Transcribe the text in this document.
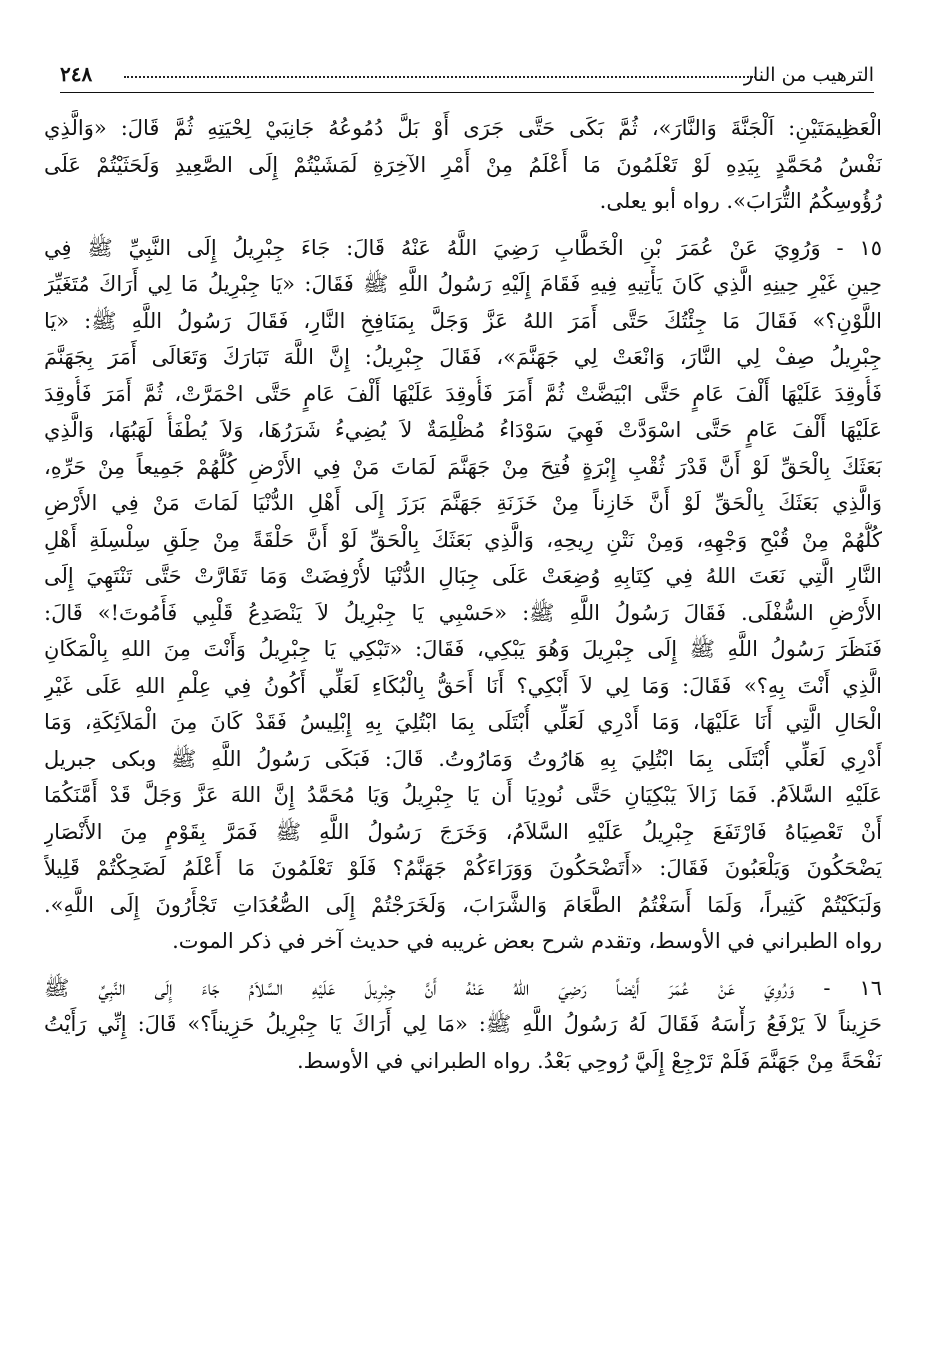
الترهيب من النار
٢٤٨
الْعَظِيمَتَيْنِ: اَلْجَنَّةَ وَالنَّارَ»، ثُمَّ بَكَى حَتَّى جَرَى أَوْ بَلَّ دُمُوعُهُ جَانِبَيْ لِحْيَتِهِ ثُمَّ قَالَ: «وَالَّذِي
نَفْسُ مُحَمَّدٍ بِيَدِهِ لَوْ تَعْلَمُونَ مَا أَعْلَمُ مِنْ أَمْرِ الآخِرَةِ لَمَشَيْتُمْ إِلَى الصَّعِيدِ وَلَحَثَيْتُمْ عَلَى
رُؤُوسِكُمُ التُّرَابَ». رواه أبو يعلى.
١٥ - وَرُوِيَ عَنْ عُمَرَ بْنِ الْخَطَّابِ رَضِيَ اللَّهُ عَنْهُ قَالَ: جَاءَ جِبْرِيلُ إِلَى النَّبِيِّ ﷺ فِي
حِينِ غَيْرِ حِينِهِ الَّذِي كَانَ يَأْتِيهِ فِيهِ فَقَامَ إِلَيْهِ رَسُولُ اللَّهِ ﷺ فَقَالَ: «يَا جِبْرِيلُ مَا لِي أَرَاكَ مُتَغَيِّرَ
اللَّوْنِ؟» فَقَالَ مَا جِئْتُكَ حَتَّى أَمَرَ اللهُ عَزَّ وَجَلَّ بِمَنَافِخِ النَّارِ، فَقَالَ رَسُولُ اللَّهِ ﷺ: «يَا
جِبْرِيلُ صِفْ لِي النَّارَ، وَانْعَتْ لِي جَهَنَّمَ»، فَقَالَ جِبْرِيلُ: إِنَّ اللَّهَ تَبَارَكَ وَتَعَالَى أَمَرَ بِجَهَنَّمَ
فَأُوقِدَ عَلَيْهَا أَلْفَ عَامٍ حَتَّى ابْيَضَّتْ ثُمَّ أَمَرَ فَأُوقِدَ عَلَيْهَا أَلْفَ عَامٍ حَتَّى احْمَرَّتْ، ثُمَّ أَمَرَ فَأُوقِدَ
عَلَيْهَا أَلْفَ عَامٍ حَتَّى اسْوَدَّتْ فَهِيَ سَوْدَاءُ مُظْلِمَةٌ لاَ يُضِيءُ شَرَرُهَا، وَلاَ يُطْفَأُ لَهَبُهَا، وَالَّذِي
بَعَثَكَ بِالْحَقِّ لَوْ أَنَّ قَدْرَ ثُقْبِ إِبْرَةٍ فُتِحَ مِنْ جَهَنَّمَ لَمَاتَ مَنْ فِي الأَرْضِ كُلُّهُمْ جَمِيعاً مِنْ حَرِّهِ،
وَالَّذِي بَعَثَكَ بِالْحَقِّ لَوْ أَنَّ خَازِناً مِنْ خَزَنَةِ جَهَنَّمَ بَرَزَ إِلَى أَهْلِ الدُّنْيَا لَمَاتَ مَنْ فِي الأَرْضِ
كُلُّهُمْ مِنْ قُبْحِ وَجْهِهِ، وَمِنْ نَتْنِ رِيحِهِ، وَالَّذِي بَعَثَكَ بِالْحَقِّ لَوْ أَنَّ حَلْقَةً مِنْ حِلَقِ سِلْسِلَةِ أَهْلِ
النَّارِ الَّتِي نَعَتَ اللهُ فِي كِتَابِهِ وُضِعَتْ عَلَى جِبَالِ الدُّنْيَا لأُرْفِضَتْ وَمَا تَقَارَّتْ حَتَّى تَنْتَهِيَ إِلَى
الأَرْضِ السُّفْلَى. فَقَالَ رَسُولُ اللَّهِ ﷺ: «حَسْبِي يَا جِبْرِيلُ لاَ يَنْصَدِعُ قَلْبِي فَأَمُوتَ!» قَالَ:
فَنَظَرَ رَسُولُ اللَّهِ ﷺ إِلَى جِبْرِيلَ وَهُوَ يَبْكِي، فَقَالَ: «تَبْكِي يَا جِبْرِيلُ وَأَنْتَ مِنَ اللهِ بِالْمَكَانِ
الَّذِي أَنْتَ بِهِ؟» فَقَالَ: وَمَا لِي لاَ أَبْكِي؟ أَنَا أَحَقُّ بِالْبُكَاءِ لَعَلِّي أَكُونُ فِي عِلْمِ اللهِ عَلَى غَيْرِ
الْحَالِ الَّتِي أَنَا عَلَيْهَا، وَمَا أَدْرِي لَعَلِّي أُبْتَلَى بِمَا ابْتُلِيَ بِهِ إِبْلِيسُ فَقَدْ كَانَ مِنَ الْمَلاَئِكَةِ، وَمَا
أَدْرِي لَعَلِّي أُبْتَلَى بِمَا ابْتُلِيَ بِهِ هَارُوتُ وَمَارُوتُ. قَالَ: فَبَكَى رَسُولُ اللَّهِ ﷺ وبكى جبريل
عَلَيْهِ السَّلاَمُ. فَمَا زَالاَ يَبْكِيَانِ حَتَّى نُودِيَا أَن يَا جِبْرِيلُ وَيَا مُحَمَّدُ إِنَّ اللهَ عَزَّ وَجَلَّ قَدْ أَمَّنَكُمَا
أَنْ تَعْصِيَاهُ فَارْتَفَعَ جِبْرِيلُ عَلَيْهِ السَّلاَمُ، وَخَرَجَ رَسُولُ اللَّهِ ﷺ فَمَرَّ بِقَوْمٍ مِنَ الأَنْصَارِ
يَضْحَكُونَ وَيَلْعَبُونَ فَقَالَ: «أَتَضْحَكُونَ وَوَرَاءَكُمْ جَهَنَّمُ؟ فَلَوْ تَعْلَمُونَ مَا أَعْلَمُ لَضَحِكْتُمْ قَلِيلاً
وَلَبَكَيْتُمْ كَثِيراً، وَلَمَا أَسَغْتُمُ الطَّعَامَ وَالشَّرَابَ، وَلَخَرَجْتُمْ إِلَى الصُّعُدَاتِ تَجْأَرُونَ إِلَى اللَّهِ».
رواه الطبراني في الأوسط، وتقدم شرح بعض غريبه في حديث آخر في ذكر الموت.
١٦ - وَرُوِيَ عَنْ عُمَرَ أَيْضاً رَضِيَ اللهُ عَنْهُ أَنَّ جِبْرِيلَ عَلَيْهِ السَّلاَمُ جَاءَ إِلَى النَّبِيِّ ﷺ
حَزِيناً لاَ يَرْفَعُ رَأْسَهُ فَقَالَ لَهُ رَسُولُ اللَّهِ ﷺ: «مَا لِي أَرَاكَ يَا جِبْرِيلُ حَزِيناً؟» قَالَ: إِنِّي رَأَيْتُ
نَفْحَةً مِنْ جَهَنَّمَ فَلَمْ تَرْجِعْ إِلَيَّ رُوحِي بَعْدُ. رواه الطبراني في الأوسط.
